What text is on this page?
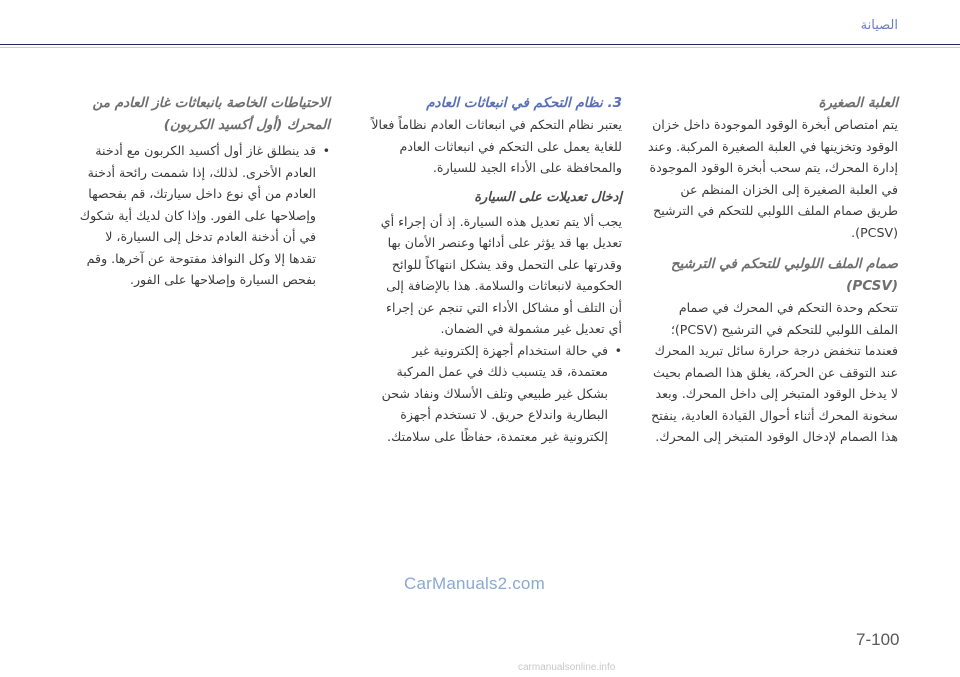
الصيانة

العلبة الصغيرة

يتم امتصاص أبخرة الوقود الموجودة داخل خزان الوقود وتخزينها في العلبة الصغيرة المركبة. وعند إدارة المحرك، يتم سحب أبخرة الوقود الموجودة في العلبة الصغيرة إلى الخزان المنظم عن طريق صمام الملف اللولبي للتحكم في الترشيح (PCSV).

صمام الملف اللولبي للتحكم في الترشيح (PCSV)

تتحكم وحدة التحكم في المحرك في صمام الملف اللولبي للتحكم في الترشيح (PCSV)؛ فعندما تنخفض درجة حرارة سائل تبريد المحرك عند التوقف عن الحركة، يغلق هذا الصمام بحيث لا يدخل الوقود المتبخر إلى داخل المحرك. وبعد سخونة المحرك أثناء أحوال القيادة العادية، ينفتح هذا الصمام لإدخال الوقود المتبخر إلى المحرك.

3. نظام التحكم في انبعاثات العادم

يعتبر نظام التحكم في انبعاثات العادم نظاماً فعالاً للغاية يعمل على التحكم في انبعاثات العادم والمحافظة على الأداء الجيد للسيارة.

إدخال تعديلات على السيارة

يجب ألا يتم تعديل هذه السيارة. إذ أن إجراء أي تعديل بها قد يؤثر على أدائها وعنصر الأمان بها وقدرتها على التحمل وقد يشكل انتهاكاً للوائح الحكومية لانبعاثات والسلامة. هذا بالإضافة إلى أن التلف أو مشاكل الأداء التي تنجم عن إجراء أي تعديل غير مشمولة في الضمان.

• في حالة استخدام أجهزة إلكترونية غير معتمدة، قد يتسبب ذلك في عمل المركبة بشكل غير طبيعي وتلف الأسلاك ونفاد شحن البطارية واندلاع حريق. لا تستخدم أجهزة إلكترونية غير معتمدة، حفاظًا على سلامتك.

الاحتياطات الخاصة بانبعاثات غاز العادم من المحرك (أول أكسيد الكربون)

• قد ينطلق غاز أول أكسيد الكربون مع أدخنة العادم الأخرى. لذلك، إذا شممت رائحة أدخنة العادم من أي نوع داخل سيارتك، قم بفحصها وإصلاحها على الفور. وإذا كان لديك أية شكوك في أن أدخنة العادم تدخل إلى السيارة، لا تقدها إلا وكل النوافذ مفتوحة عن آخرها. وقم بفحص السيارة وإصلاحها على الفور.
CarManuals2.com
7-100
carmanualsonline.info
